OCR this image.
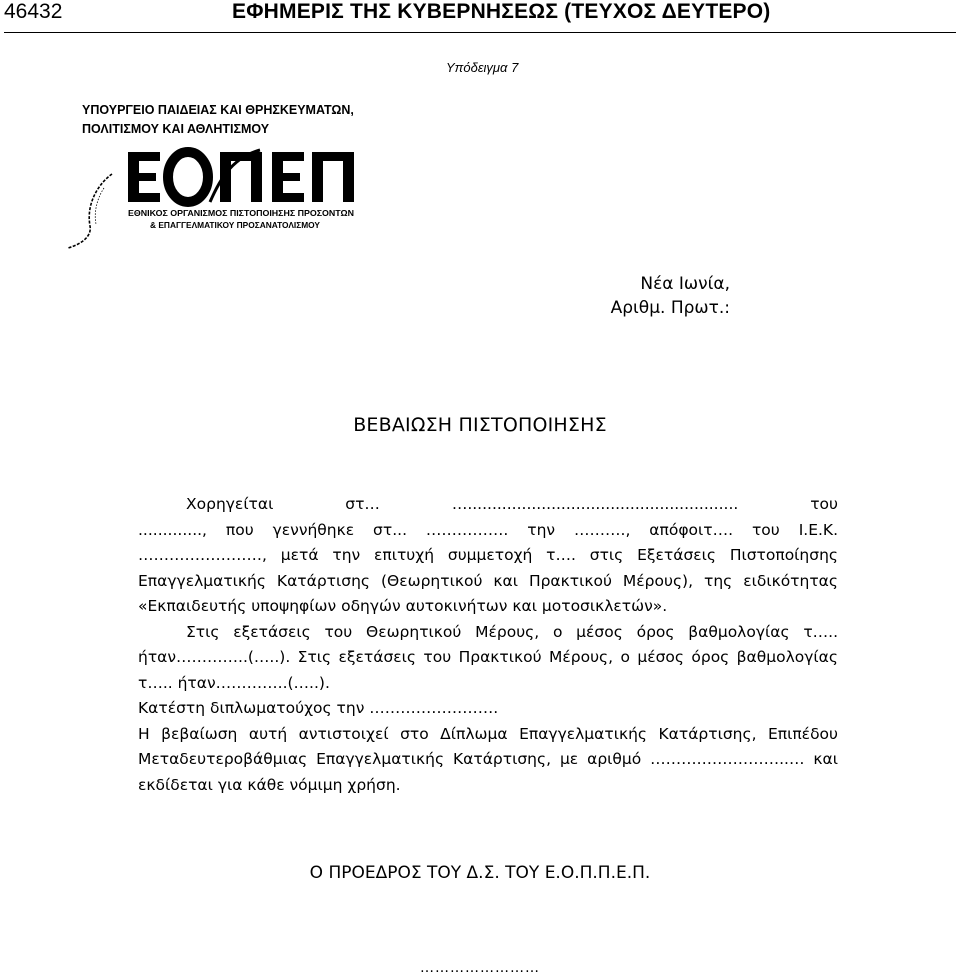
46432	ΕΦΗΜΕΡΙΣ ΤΗΣ ΚΥΒΕΡΝΗΣΕΩΣ (ΤΕΥΧΟΣ ΔΕΥΤΕΡΟ)
Υπόδειγμα 7
ΥΠΟΥΡΓΕΙΟ ΠΑΙΔΕΙΑΣ ΚΑΙ ΘΡΗΣΚΕΥΜΑΤΩΝ,
ΠΟΛΙΤΙΣΜΟΥ ΚΑΙ ΑΘΛΗΤΙΣΜΟΥ
ΕΘΝΙΚΟΣ ΟΡΓΑΝΙΣΜΟΣ ΠΙΣΤΟΠΟΙΗΣΗΣ ΠΡΟΣΟΝΤΩΝ
& ΕΠΑΓΓΕΛΜΑΤΙΚΟΥ ΠΡΟΣΑΝΑΤΟΛΙΣΜΟΥ
Νέα Ιωνία,
Αριθμ. Πρωτ.:
ΒΕΒΑΙΩΣΗ ΠΙΣΤΟΠΟΙΗΣΗΣ

Χορηγείται στ… …....................................................... του

............., που γεννήθηκε στ... ……………. την ………., απόφοιτ…. του Ι.Ε.Κ.

……………………, μετά την επιτυχή συμμετοχή τ…. στις Εξετάσεις Πιστοποίησης Επαγγελματικής Κατάρτισης (Θεωρητικού και Πρακτικού Μέρους), της ειδικότητας «Εκπαιδευτής υποψηφίων οδηγών αυτοκινήτων και μοτοσικλετών».

Στις εξετάσεις του Θεωρητικού Μέρους, ο μέσος όρος βαθμολογίας τ….. ήταν…………..(…..). Στις εξετάσεις του Πρακτικού Μέρους, ο μέσος όρος βαθμολογίας τ….. ήταν…………..(…..).

Κατέστη διπλωματούχος την …………………….

Η βεβαίωση αυτή αντιστοιχεί στο Δίπλωμα Επαγγελματικής Κατάρτισης, Επιπέδου Μεταδευτεροβάθμιας Επαγγελματικής Κατάρτισης, με αριθμό ……….……………..… και εκδίδεται για κάθε νόμιμη χρήση.

Ο ΠΡΟΕΔΡΟΣ ΤΟΥ Δ.Σ. ΤΟΥ Ε.Ο.Π.Π.Ε.Π.
……………………
